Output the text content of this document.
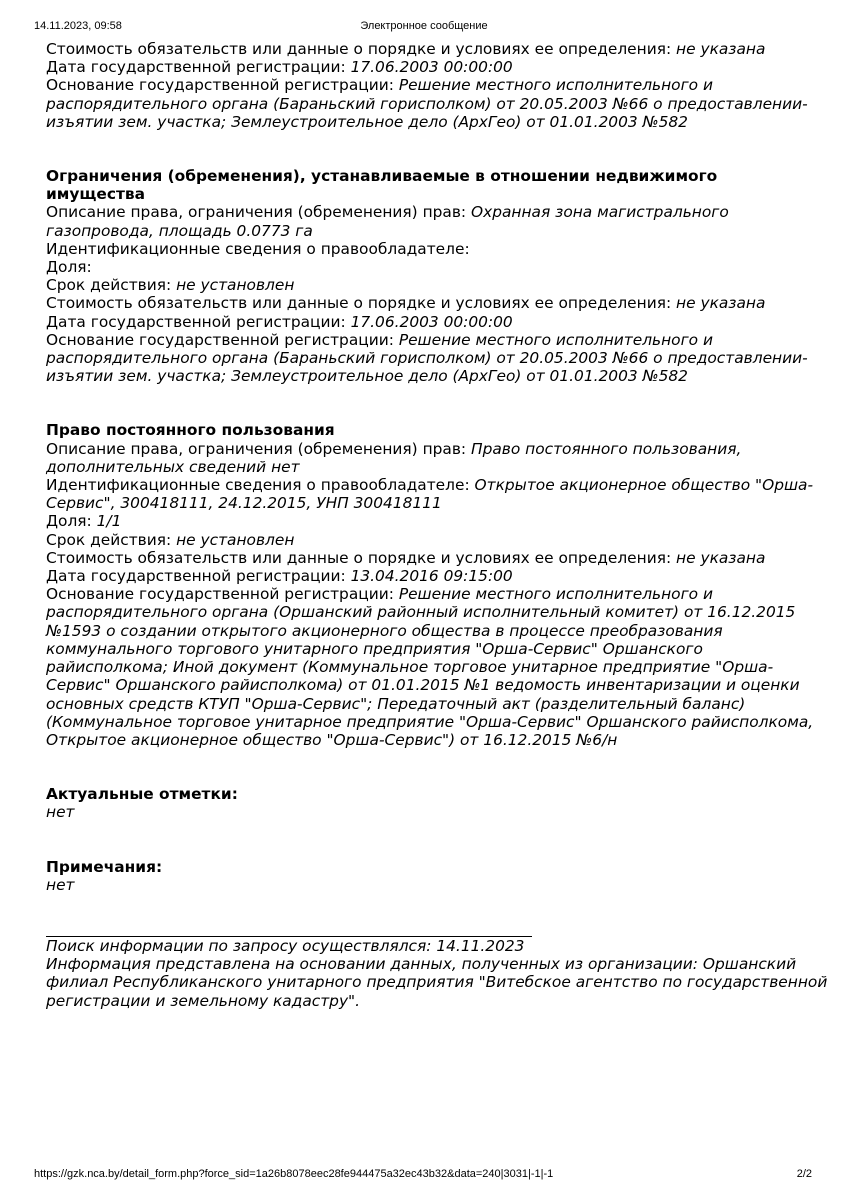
14.11.2023, 09:58	Электронное сообщение
Стоимость обязательств или данные о порядке и условиях ее определения: не указана
Дата государственной регистрации: 17.06.2003 00:00:00
Основание государственной регистрации: Решение местного исполнительного и
распорядительного органа (Бараньский горисполком) от 20.05.2003 №66 о предоставлении-
изъятии зем. участка; Землеустроительное дело (АрхГео) от 01.01.2003 №582
Ограничения (обременения), устанавливаемые в отношении недвижимого
имущества
Описание права, ограничения (обременения) прав: Охранная зона магистрального
газопровода, площадь 0.0773 га
Идентификационные сведения о правообладателе:
Доля:
Срок действия: не установлен
Стоимость обязательств или данные о порядке и условиях ее определения: не указана
Дата государственной регистрации: 17.06.2003 00:00:00
Основание государственной регистрации: Решение местного исполнительного и
распорядительного органа (Бараньский горисполком) от 20.05.2003 №66 о предоставлении-
изъятии зем. участка; Землеустроительное дело (АрхГео) от 01.01.2003 №582
Право постоянного пользования
Описание права, ограничения (обременения) прав: Право постоянного пользования,
дополнительных сведений нет
Идентификационные сведения о правообладателе: Открытое акционерное общество "Орша-
Сервис", 300418111, 24.12.2015, УНП 300418111
Доля: 1/1
Срок действия: не установлен
Стоимость обязательств или данные о порядке и условиях ее определения: не указана
Дата государственной регистрации: 13.04.2016 09:15:00
Основание государственной регистрации: Решение местного исполнительного и
распорядительного органа (Оршанский районный исполнительный комитет) от 16.12.2015
№1593 о создании открытого акционерного общества в процессе преобразования
коммунального торгового унитарного предприятия "Орша-Сервис" Оршанского
райисполкома; Иной документ (Коммунальное торговое унитарное предприятие "Орша-
Сервис" Оршанского райисполкома) от 01.01.2015 №1 ведомость инвентаризации и оценки
основных средств КТУП "Орша-Сервис"; Передаточный акт (разделительный баланс)
(Коммунальное торговое унитарное предприятие "Орша-Сервис" Оршанского райисполкома,
Открытое акционерное общество "Орша-Сервис") от 16.12.2015 №6/н
Актуальные отметки:
нет
Примечания:
нет
Поиск информации по запросу осуществлялся: 14.11.2023
Информация представлена на основании данных, полученных из организации: Оршанский
филиал Республиканского унитарного предприятия "Витебское агентство по государственной
регистрации и земельному кадастру".
https://gzk.nca.by/detail_form.php?force_sid=1a26b8078eec28fe944475a32ec43b32&data=240|3031|-1|-1	2/2
